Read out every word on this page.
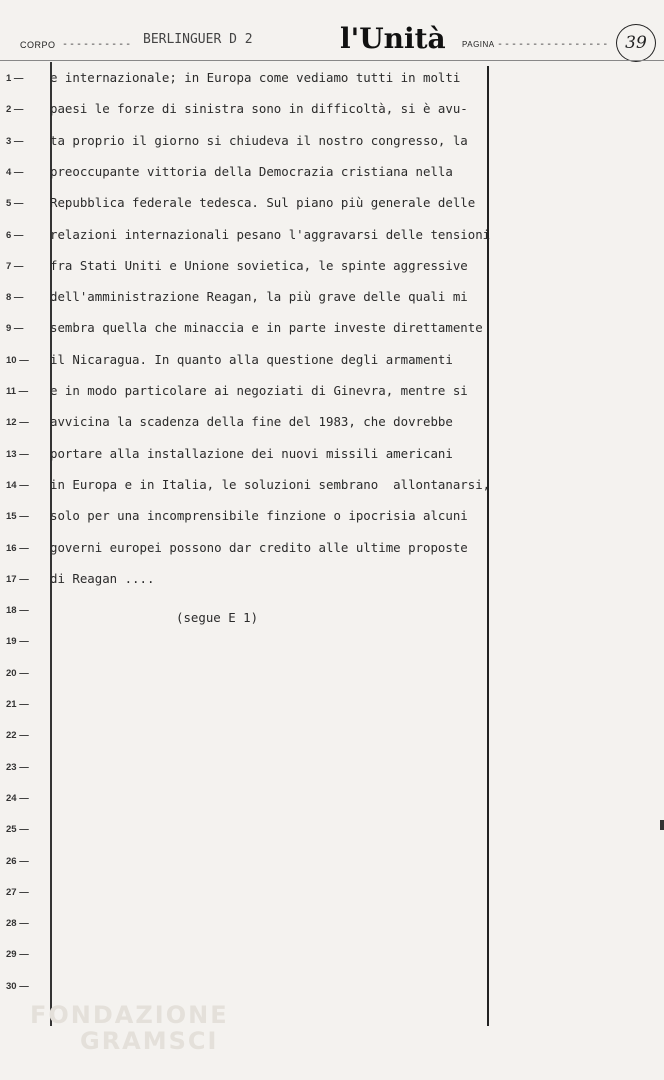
CORPO ---------- BERLINGUER D 2	l'Unità PAGINA ---------------- 39
1 —
2 —
3 —
4 —
5 —
6 —
7 —
8 —
9 —
10 —
11 —
12 —
13 —
14 —
15 —
16 —
17 —
18 —
19 —
20 —
21 —
22 —
23 —
24 —
25 —
26 —
27 —
28 —
29 —
30 —
e internazionale; in Europa come vediamo tutti in molti
paesi le forze di sinistra sono in difficoltà, si è avu-
ta proprio il giorno si chiudeva il nostro congresso, la
preoccupante vittoria della Democrazia cristiana nella
Repubblica federale tedesca. Sul piano più generale delle
relazioni internazionali pesano l'aggravarsi delle tensioni
fra Stati Uniti e Unione sovietica, le spinte aggressive
dell'amministrazione Reagan, la più grave delle quali mi
sembra quella che minaccia e in parte investe direttamente
il Nicaragua. In quanto alla questione degli armamenti
e in modo particolare ai negoziati di Ginevra, mentre si
avvicina la scadenza della fine del 1983, che dovrebbe
portare alla installazione dei nuovi missili americani
in Europa e in Italia, le soluzioni sembrano  allontanarsi,
solo per una incomprensibile finzione o ipocrisia alcuni
governi europei possono dar credito alle ultime proposte
di Reagan ....
(segue E 1)
FONDAZIONE
GRAMSCI
